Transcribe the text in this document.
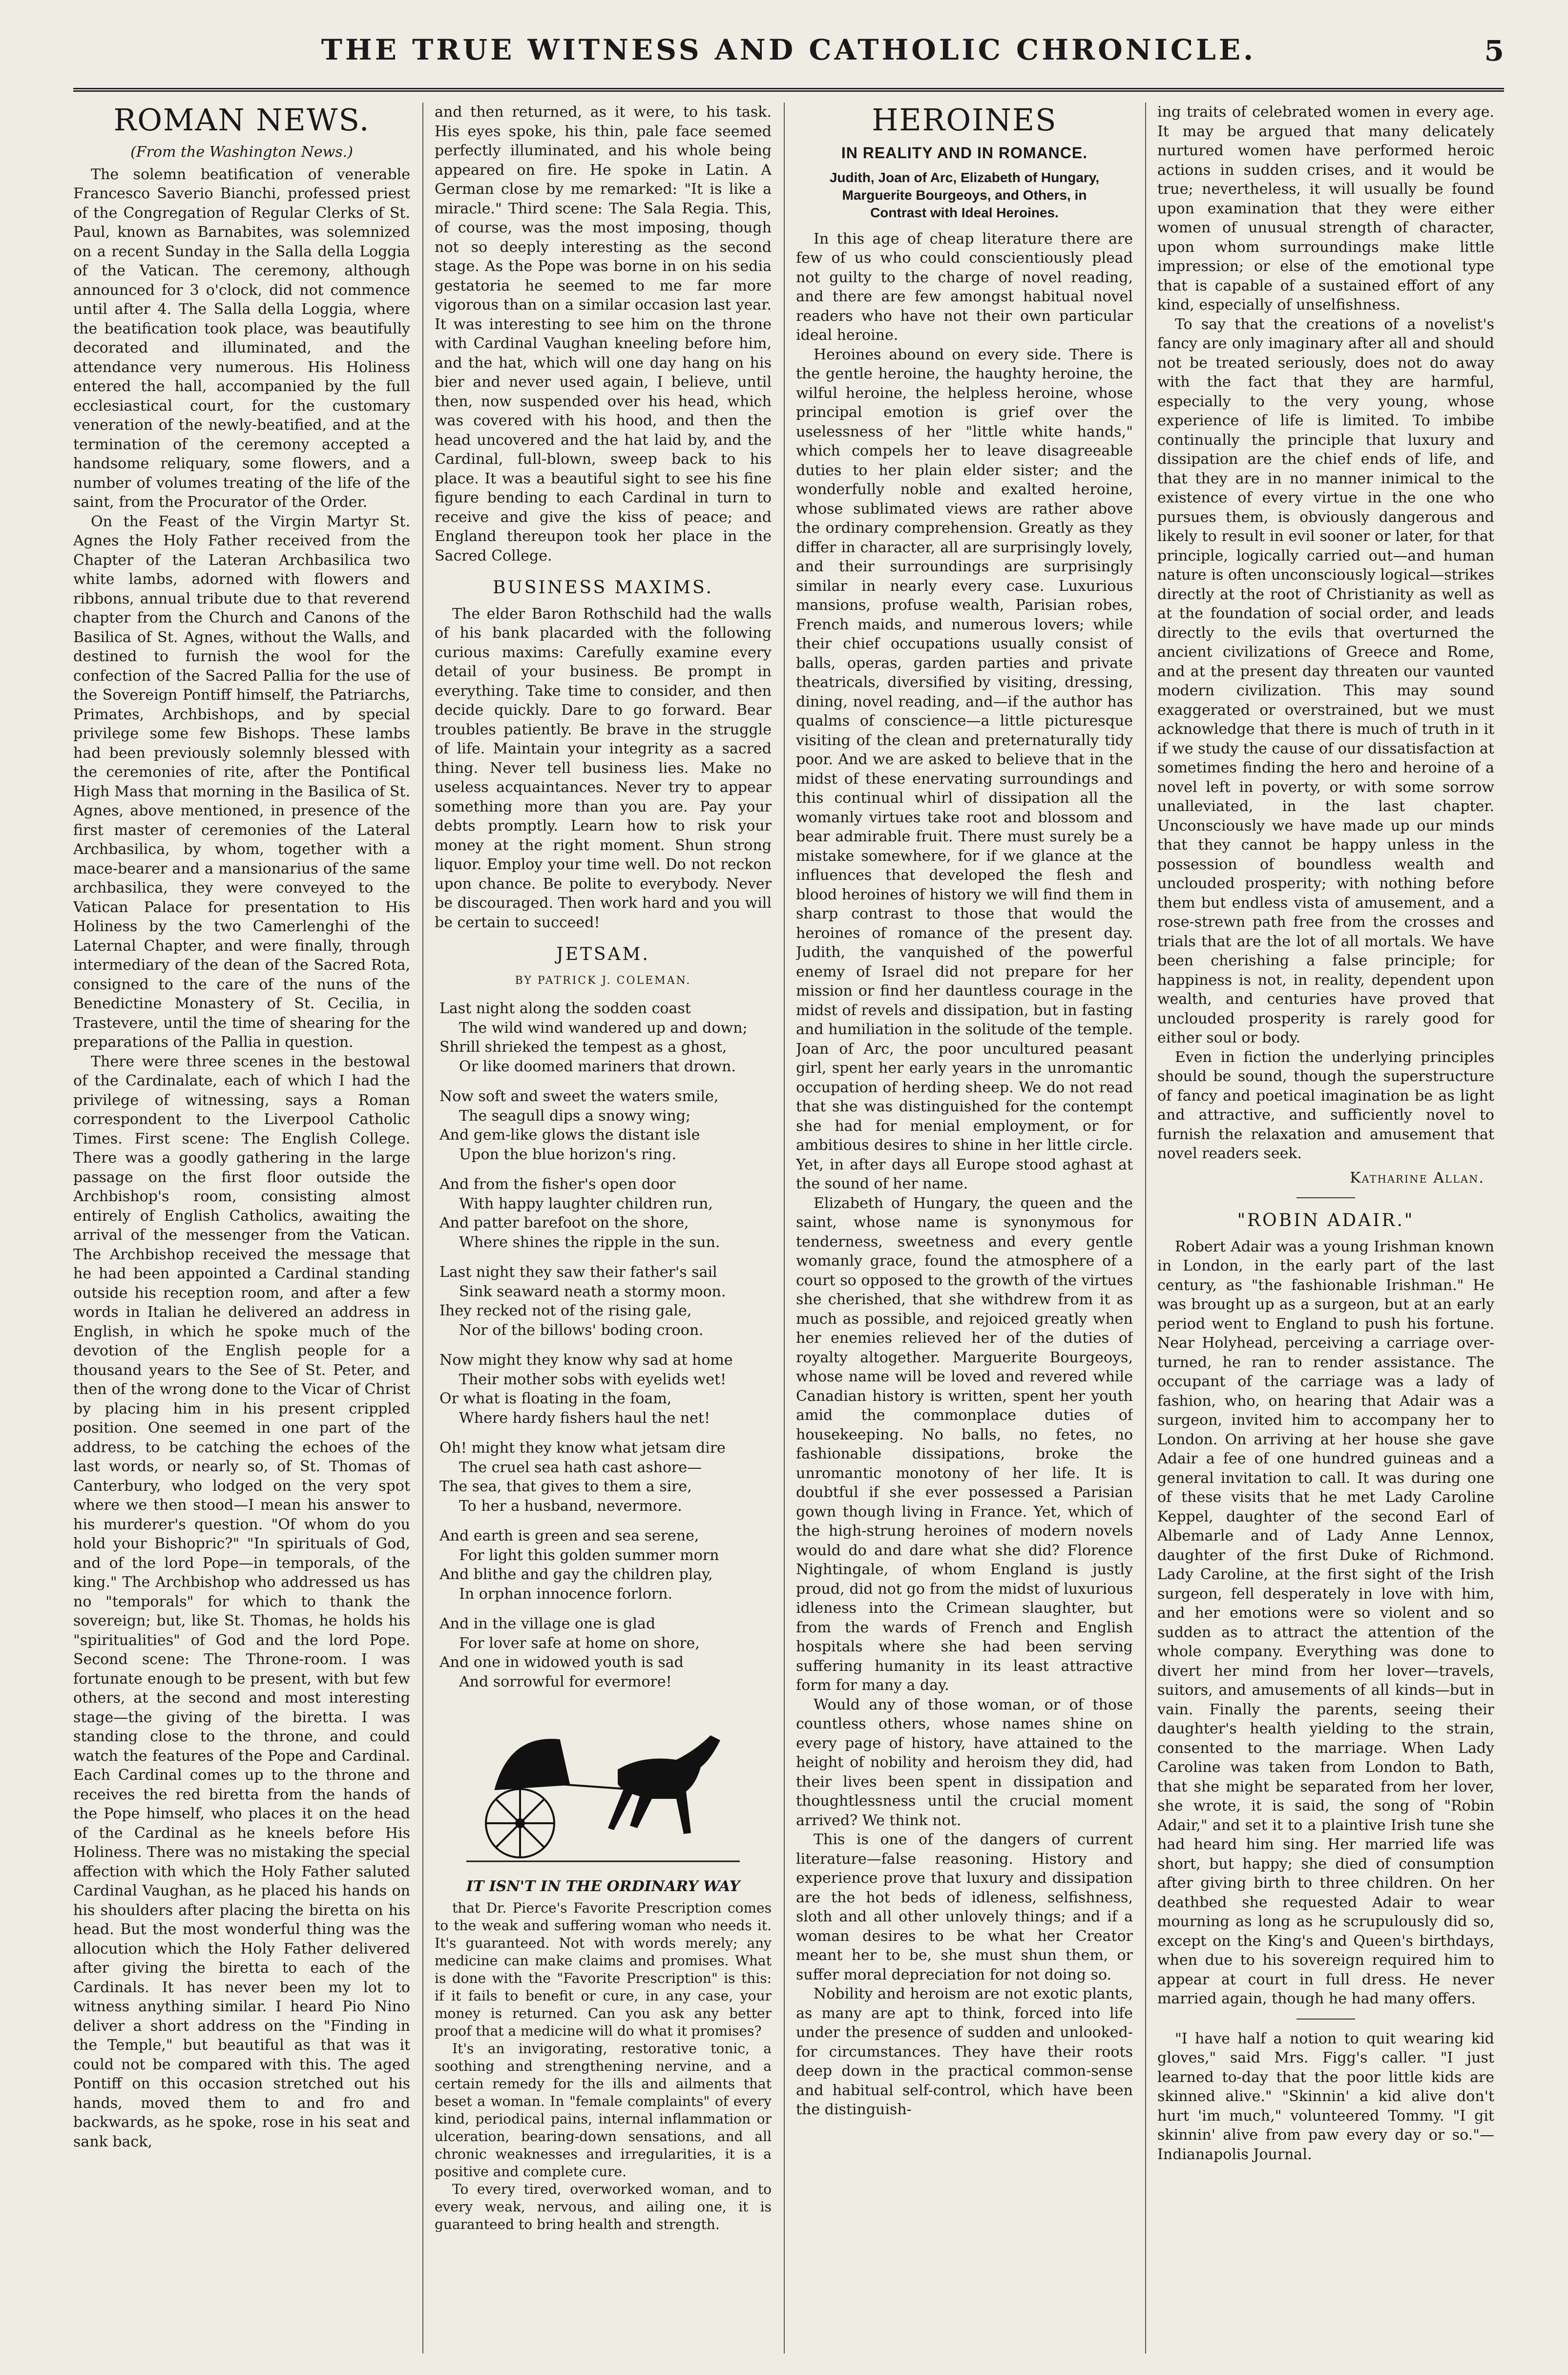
THE TRUE WITNESS AND CATHOLIC CHRONICLE.	5
ROMAN NEWS.
(From the Washington News.)

The solemn beatification of venerable Francesco Saverio Bianchi, professed priest of the Congregation of Regular Clerks of St. Paul, known as Barnabites, was solemnized on a recent Sunday in the Salla della Loggia of the Vatican. The ceremony, although announced for 3 o'clock, did not commence until after 4. The Salla della Loggia, where the beatification took place, was beautifully decorated and illuminated, and the attendance very numerous. His Holiness entered the hall, accompanied by the full ecclesiastical court, for the customary veneration of the newly-beatified, and at the termination of the ceremony accepted a handsome reliquary, some flowers, and a number of volumes treating of the life of the saint, from the Procurator of the Order.

On the Feast of the Virgin Martyr St. Agnes the Holy Father received from the Chapter of the Lateran Archbasilica two white lambs, adorned with flowers and ribbons, annual tribute due to that reverend chapter from the Church and Canons of the Basilica of St. Agnes, without the Walls, and destined to furnish the wool for the confection of the Sacred Pallia for the use of the Sovereign Pontiff himself, the Patriarchs, Primates, Archbishops, and by special privilege some few Bishops. These lambs had been previously solemnly blessed with the ceremonies of rite, after the Pontifical High Mass that morning in the Basilica of St. Agnes, above mentioned, in presence of the first master of ceremonies of the Lateral Archbasilica, by whom, together with a mace-bearer and a mansionarius of the same archbasilica, they were conveyed to the Vatican Palace for presentation to His Holiness by the two Camerlenghi of the Laternal Chapter, and were finally, through intermediary of the dean of the Sacred Rota, consigned to the care of the nuns of the Benedictine Monastery of St. Cecilia, in Trastevere, until the time of shearing for the preparations of the Pallia in question.

There were three scenes in the bestowal of the Cardinalate, each of which I had the privilege of witnessing, says a Roman correspondent to the Liverpool Catholic Times. First scene: The English College. There was a goodly gathering in the large passage on the first floor outside the Archbishop's room, consisting almost entirely of English Catholics, awaiting the arrival of the messenger from the Vatican. The Archbishop received the message that he had been appointed a Cardinal standing outside his reception room, and after a few words in Italian he delivered an address in English, in which he spoke much of the devotion of the English people for a thousand years to the See of St. Peter, and then of the wrong done to the Vicar of Christ by placing him in his present crippled position. One seemed in one part of the address, to be catching the echoes of the last words, or nearly so, of St. Thomas of Canterbury, who lodged on the very spot where we then stood—I mean his answer to his murderer's question. "Of whom do you hold your Bishopric?" "In spirituals of God, and of the lord Pope—in temporals, of the king." The Archbishop who addressed us has no "temporals" for which to thank the sovereign; but, like St. Thomas, he holds his "spiritualities" of God and the lord Pope. Second scene: The Throne-room. I was fortunate enough to be present, with but few others, at the second and most interesting stage—the giving of the biretta. I was standing close to the throne, and could watch the features of the Pope and Cardinal. Each Cardinal comes up to the throne and receives the red biretta from the hands of the Pope himself, who places it on the head of the Cardinal as he kneels before His Holiness. There was no mistaking the special affection with which the Holy Father saluted Cardinal Vaughan, as he placed his hands on his shoulders after placing the biretta on his head. But the most wonderful thing was the allocution which the Holy Father delivered after giving the biretta to each of the Cardinals. It has never been my lot to witness anything similar. I heard Pio Nino deliver a short address on the "Finding in the Temple," but beautiful as that was it could not be compared with this. The aged Pontiff on this occasion stretched out his hands, moved them to and fro and backwards, as he spoke, rose in his seat and sank back,

and then returned, as it were, to his task. His eyes spoke, his thin, pale face seemed perfectly illuminated, and his whole being appeared on fire. He spoke in Latin. A German close by me remarked: "It is like a miracle." Third scene: The Sala Regia. This, of course, was the most imposing, though not so deeply interesting as the second stage. As the Pope was borne in on his sedia gestatoria he seemed to me far more vigorous than on a similar occasion last year. It was interesting to see him on the throne with Cardinal Vaughan kneeling before him, and the hat, which will one day hang on his bier and never used again, I believe, until then, now suspended over his head, which was covered with his hood, and then the head uncovered and the hat laid by, and the Cardinal, full-blown, sweep back to his place. It was a beautiful sight to see his fine figure bending to each Cardinal in turn to receive and give the kiss of peace; and England thereupon took her place in the Sacred College.

BUSINESS MAXIMS.

The elder Baron Rothschild had the walls of his bank placarded with the following curious maxims: Carefully examine every detail of your business. Be prompt in everything. Take time to consider, and then decide quickly. Dare to go forward. Bear troubles patiently. Be brave in the struggle of life. Maintain your integrity as a sacred thing. Never tell business lies. Make no useless acquaintances. Never try to appear something more than you are. Pay your debts promptly. Learn how to risk your money at the right moment. Shun strong liquor. Employ your time well. Do not reckon upon chance. Be polite to everybody. Never be discouraged. Then work hard and you will be certain to succeed!

JETSAM.
BY PATRICK J. COLEMAN.
Last night along the sodden coast
The wild wind wandered up and down;
Shrill shrieked the tempest as a ghost,
Or like doomed mariners that drown.
Now soft and sweet the waters smile,
The seagull dips a snowy wing;
And gem-like glows the distant isle
Upon the blue horizon's ring.
And from the fisher's open door
With happy laughter children run,
And patter barefoot on the shore,
Where shines the ripple in the sun.
Last night they saw their father's sail
Sink seaward neath a stormy moon.
Ihey recked not of the rising gale,
Nor of the billows' boding croon.
Now might they know why sad at home
Their mother sobs with eyelids wet!
Or what is floating in the foam,
Where hardy fishers haul the net!
Oh! might they know what jetsam dire
The cruel sea hath cast ashore—
The sea, that gives to them a sire,
To her a husband, nevermore.
And earth is green and sea serene,
For light this golden summer morn
And blithe and gay the children play,
In orphan innocence forlorn.
And in the village one is glad
For lover safe at home on shore,
And one in widowed youth is sad
And sorrowful for evermore!
IT ISN'T IN THE ORDINARY WAY

that Dr. Pierce's Favorite Prescription comes to the weak and suffering woman who needs it. It's guaranteed. Not with words merely; any medicine can make claims and promises. What is done with the "Favorite Prescription" is this: if it fails to benefit or cure, in any case, your money is returned. Can you ask any better proof that a medicine will do what it promises?

It's an invigorating, restorative tonic, a soothing and strengthening nervine, and a certain remedy for the ills and ailments that beset a woman. In "female complaints" of every kind, periodical pains, internal inflammation or ulceration, bearing-down sensations, and all chronic weaknesses and irregularities, it is a positive and complete cure.

To every tired, overworked woman, and to every weak, nervous, and ailing one, it is guaranteed to bring health and strength.

HEROINES
IN REALITY AND IN ROMANCE.
Judith, Joan of Arc, Elizabeth of Hungary, Marguerite Bourgeoys, and Others, in Contrast with Ideal Heroines.

In this age of cheap literature there are few of us who could conscientiously plead not guilty to the charge of novel reading, and there are few amongst habitual novel readers who have not their own particular ideal heroine.

Heroines abound on every side. There is the gentle heroine, the haughty heroine, the wilful heroine, the helpless heroine, whose principal emotion is grief over the uselessness of her "little white hands," which compels her to leave disagreeable duties to her plain elder sister; and the wonderfully noble and exalted heroine, whose sublimated views are rather above the ordinary comprehension. Greatly as they differ in character, all are surprisingly lovely, and their surroundings are surprisingly similar in nearly every case. Luxurious mansions, profuse wealth, Parisian robes, French maids, and numerous lovers; while their chief occupations usually consist of balls, operas, garden parties and private theatricals, diversified by visiting, dressing, dining, novel reading, and—if the author has qualms of conscience—a little picturesque visiting of the clean and preternaturally tidy poor. And we are asked to believe that in the midst of these enervating surroundings and this continual whirl of dissipation all the womanly virtues take root and blossom and bear admirable fruit. There must surely be a mistake somewhere, for if we glance at the influences that developed the flesh and blood heroines of history we will find them in sharp contrast to those that would the heroines of romance of the present day. Judith, the vanquished of the powerful enemy of Israel did not prepare for her mission or find her dauntless courage in the midst of revels and dissipation, but in fasting and humiliation in the solitude of the temple. Joan of Arc, the poor uncultured peasant girl, spent her early years in the unromantic occupation of herding sheep. We do not read that she was distinguished for the contempt she had for menial employment, or for ambitious desires to shine in her little circle. Yet, in after days all Europe stood aghast at the sound of her name.

Elizabeth of Hungary, the queen and the saint, whose name is synonymous for tenderness, sweetness and every gentle womanly grace, found the atmosphere of a court so opposed to the growth of the virtues she cherished, that she withdrew from it as much as possible, and rejoiced greatly when her enemies relieved her of the duties of royalty altogether. Marguerite Bourgeoys, whose name will be loved and revered while Canadian history is written, spent her youth amid the commonplace duties of housekeeping. No balls, no fetes, no fashionable dissipations, broke the unromantic monotony of her life. It is doubtful if she ever possessed a Parisian gown though living in France. Yet, which of the high-strung heroines of modern novels would do and dare what she did? Florence Nightingale, of whom England is justly proud, did not go from the midst of luxurious idleness into the Crimean slaughter, but from the wards of French and English hospitals where she had been serving suffering humanity in its least attractive form for many a day.

Would any of those woman, or of those countless others, whose names shine on every page of history, have attained to the height of nobility and heroism they did, had their lives been spent in dissipation and thoughtlessness until the crucial moment arrived? We think not.

This is one of the dangers of current literature—false reasoning. History and experience prove that luxury and dissipation are the hot beds of idleness, selfishness, sloth and all other unlovely things; and if a woman desires to be what her Creator meant her to be, she must shun them, or suffer moral depreciation for not doing so.

Nobility and heroism are not exotic plants, as many are apt to think, forced into life under the presence of sudden and unlooked-for circumstances. They have their roots deep down in the practical common-sense and habitual self-control, which have been the distinguish-

ing traits of celebrated women in every age. It may be argued that many delicately nurtured women have performed heroic actions in sudden crises, and it would be true; nevertheless, it will usually be found upon examination that they were either women of unusual strength of character, upon whom surroundings make little impression; or else of the emotional type that is capable of a sustained effort of any kind, especially of unselfishness.

To say that the creations of a novelist's fancy are only imaginary after all and should not be treated seriously, does not do away with the fact that they are harmful, especially to the very young, whose experience of life is limited. To imbibe continually the principle that luxury and dissipation are the chief ends of life, and that they are in no manner inimical to the existence of every virtue in the one who pursues them, is obviously dangerous and likely to result in evil sooner or later, for that principle, logically carried out—and human nature is often unconsciously logical—strikes directly at the root of Christianity as well as at the foundation of social order, and leads directly to the evils that overturned the ancient civilizations of Greece and Rome, and at the present day threaten our vaunted modern civilization. This may sound exaggerated or overstrained, but we must acknowledge that there is much of truth in it if we study the cause of our dissatisfaction at sometimes finding the hero and heroine of a novel left in poverty, or with some sorrow unalleviated, in the last chapter. Unconsciously we have made up our minds that they cannot be happy unless in the possession of boundless wealth and unclouded prosperity; with nothing before them but endless vista of amusement, and a rose-strewn path free from the crosses and trials that are the lot of all mortals. We have been cherishing a false principle; for happiness is not, in reality, dependent upon wealth, and centuries have proved that unclouded prosperity is rarely good for either soul or body.

Even in fiction the underlying principles should be sound, though the superstructure of fancy and poetical imagination be as light and attractive, and sufficiently novel to furnish the relaxation and amusement that novel readers seek.

Katharine Allan.

"ROBIN ADAIR."

Robert Adair was a young Irishman known in London, in the early part of the last century, as "the fashionable Irishman." He was brought up as a surgeon, but at an early period went to England to push his fortune. Near Holyhead, perceiving a carriage over-turned, he ran to render assistance. The occupant of the carriage was a lady of fashion, who, on hearing that Adair was a surgeon, invited him to accompany her to London. On arriving at her house she gave Adair a fee of one hundred guineas and a general invitation to call. It was during one of these visits that he met Lady Caroline Keppel, daughter of the second Earl of Albemarle and of Lady Anne Lennox, daughter of the first Duke of Richmond. Lady Caroline, at the first sight of the Irish surgeon, fell desperately in love with him, and her emotions were so violent and so sudden as to attract the attention of the whole company. Everything was done to divert her mind from her lover—travels, suitors, and amusements of all kinds—but in vain. Finally the parents, seeing their daughter's health yielding to the strain, consented to the marriage. When Lady Caroline was taken from London to Bath, that she might be separated from her lover, she wrote, it is said, the song of "Robin Adair," and set it to a plaintive Irish tune she had heard him sing. Her married life was short, but happy; she died of consumption after giving birth to three children. On her deathbed she requested Adair to wear mourning as long as he scrupulously did so, except on the King's and Queen's birthdays, when due to his sovereign required him to appear at court in full dress. He never married again, though he had many offers.

"I have half a notion to quit wearing kid gloves," said Mrs. Figg's caller. "I just learned to-day that the poor little kids are skinned alive." "Skinnin' a kid alive don't hurt 'im much," volunteered Tommy. "I git skinnin' alive from paw every day or so."—Indianapolis Journal.
